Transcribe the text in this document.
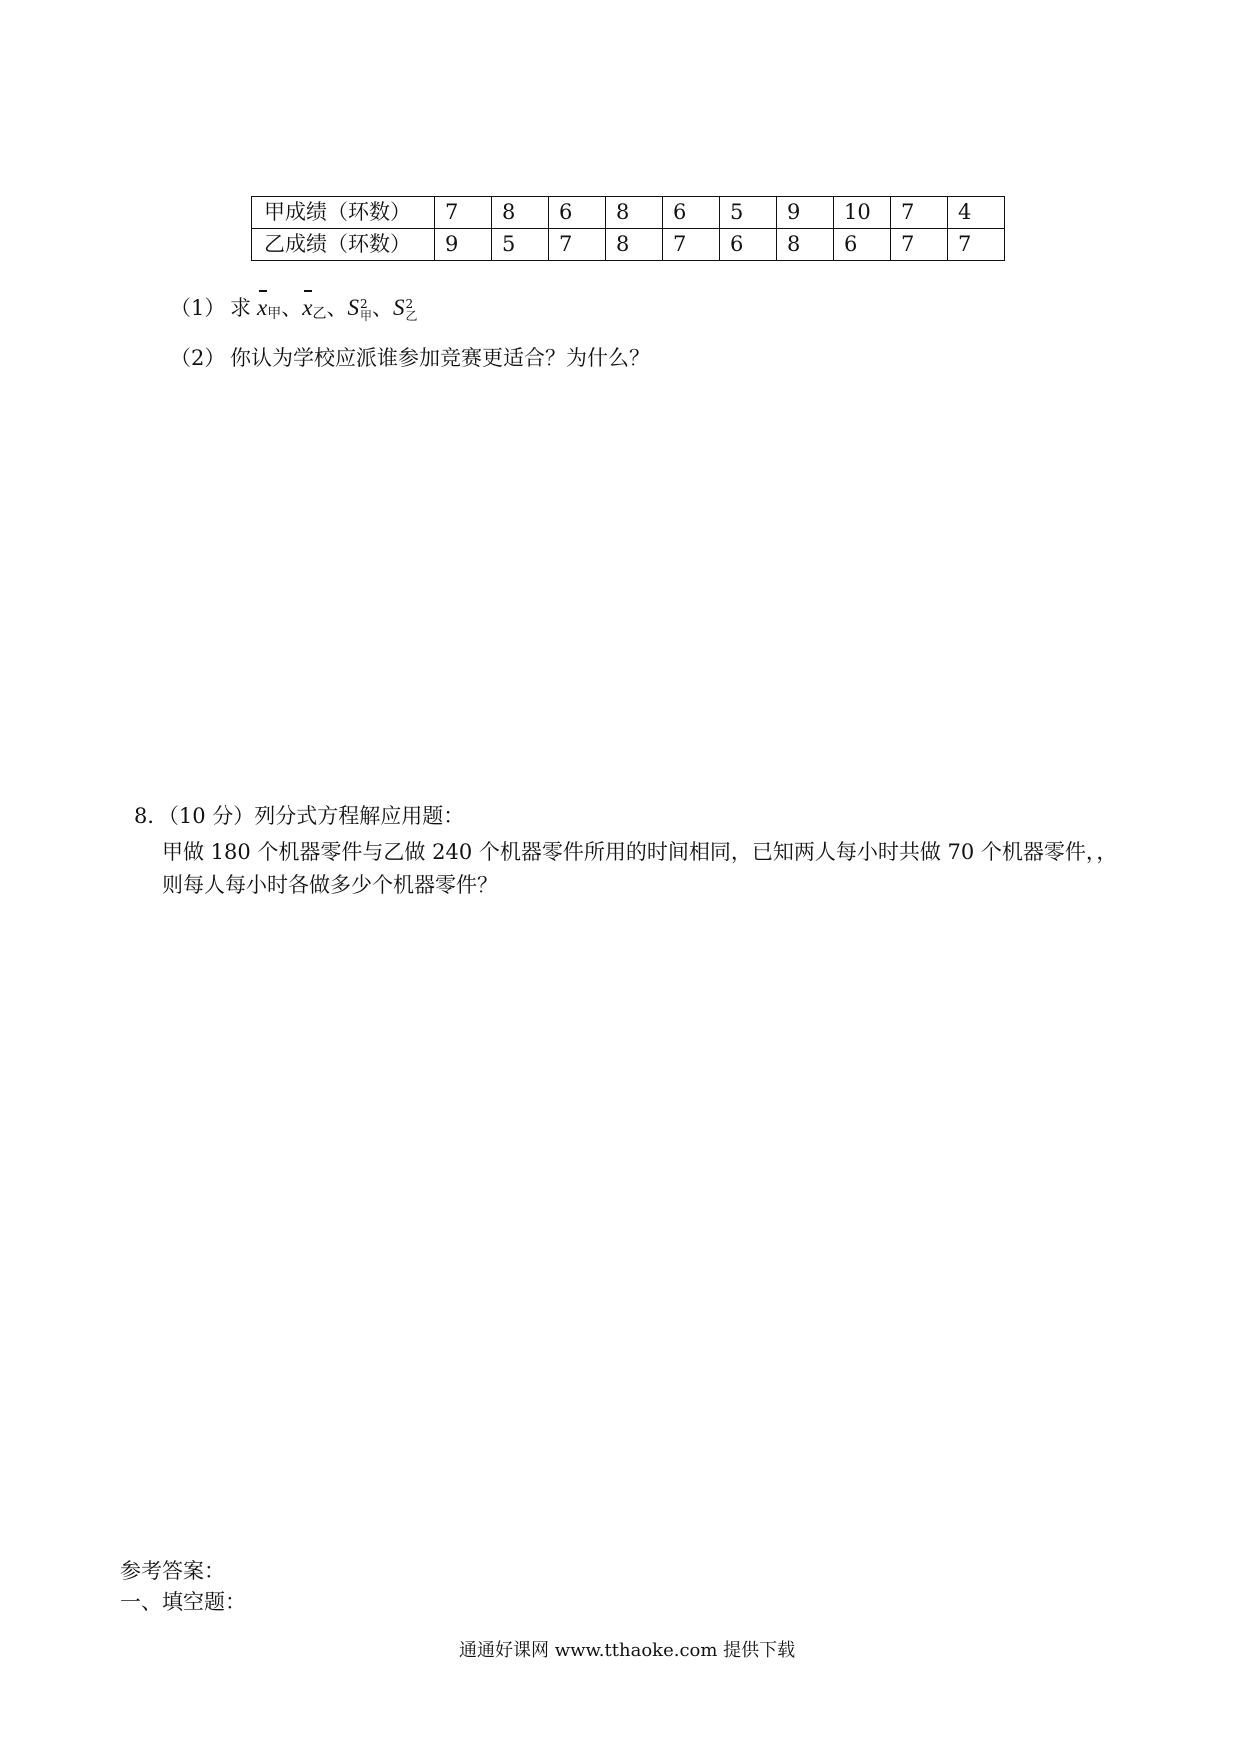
甲成绩（环数）	7	8	6	8	6	5	9	10	7	4
乙成绩（环数）	9	5	7	8	7	6	8	6	7	7
（1） 求 x甲、x乙、S 2
甲 、S 2
乙
（2） 你认为学校应派谁参加竞赛更适合？为什么？
8．（10 分）列分式方程解应用题：
甲做 180 个机器零件与乙做 240 个机器零件所用的时间相同，已知两人每小时共做 70 个机器零件，，
则每人每小时各做多少个机器零件？
参考答案：
一、填空题：
通通好课网 www.tthaoke.com 提供下载
